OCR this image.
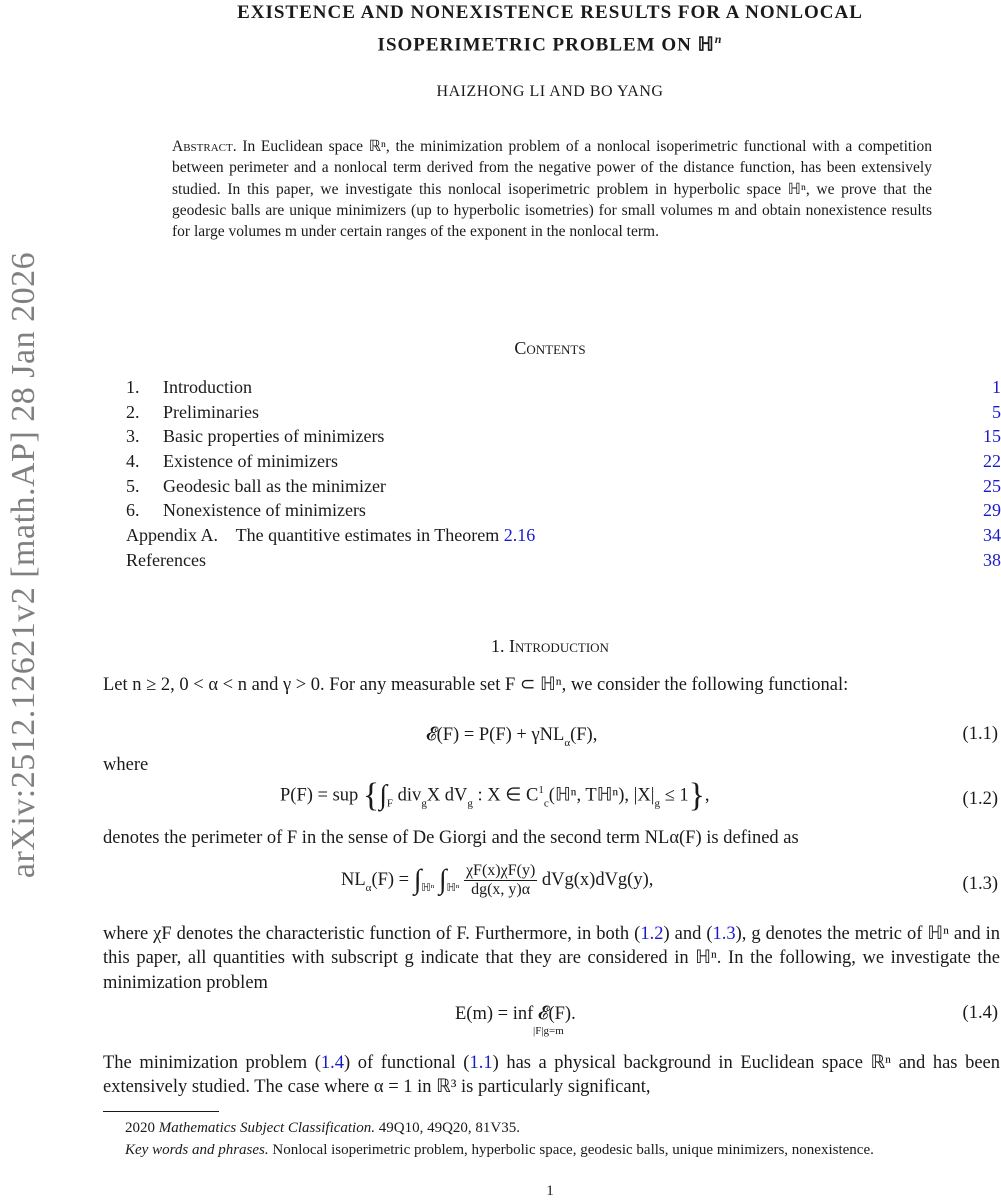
arXiv:2512.12621v2 [math.AP] 28 Jan 2026
EXISTENCE AND NONEXISTENCE RESULTS FOR A NONLOCAL
ISOPERIMETRIC PROBLEM ON ℍ$^n$
HAIZHONG LI AND BO YANG
Abstract. In Euclidean space ℝⁿ, the minimization problem of a nonlocal isoperimetric functional with a competition between perimeter and a nonlocal term derived from the negative power of the distance function, has been extensively studied. In this paper, we investigate this nonlocal isoperimetric problem in hyperbolic space ℍⁿ, we prove that the geodesic balls are unique minimizers (up to hyperbolic isometries) for small volumes m and obtain nonexistence results for large volumes m under certain ranges of the exponent in the nonlocal term.
Contents
1. Introduction	1
2. Preliminaries	5
3. Basic properties of minimizers	15
4. Existence of minimizers	22
5. Geodesic ball as the minimizer	25
6. Nonexistence of minimizers	29
Appendix A.    The quantitive estimates in Theorem 2.16	34
References	38
1. Introduction
Let n ≥ 2, 0 < α < n and γ > 0. For any measurable set F ⊂ ℍⁿ, we consider the following functional:
𝓔(F) = P(F) + γNL$_\alpha$(F),	(1.1)
where
P(F) = sup {$\int_F$ div$_g$X $dV_g$ : X ∈ $C^1_c(ℍ^n$, Tℍⁿ), $|X|_g \le 1$},	(1.2)
denotes the perimeter of F in the sense of De Giorgi and the second term NLα(F) is defined as
$NL_\alpha(F) = \int_{ℍ^n}$ $\int_{ℍ^n} \frac{\chi F(x)\chi F(y)}{dg(x, y)\alpha} dVg(x)dVg(y)$,	(1.3)
where χF denotes the characteristic function of F. Furthermore, in both (1.2) and (1.3), g denotes the metric of ℍⁿ and in this paper, all quantities with subscript g indicate that they are considered in ℍⁿ. In the following, we investigate the minimization problem
E(m) = inf
|F|g=m
𝓔(F).	(1.4)
The minimization problem (1.4) of functional (1.1) has a physical background in Euclidean space ℝⁿ and has been extensively studied. The case where α = 1 in ℝ³ is particularly significant,
2020 Mathematics Subject Classification. 49Q10, 49Q20, 81V35.
Key words and phrases. Nonlocal isoperimetric problem, hyperbolic space, geodesic balls, unique minimizers, nonexistence.
1
